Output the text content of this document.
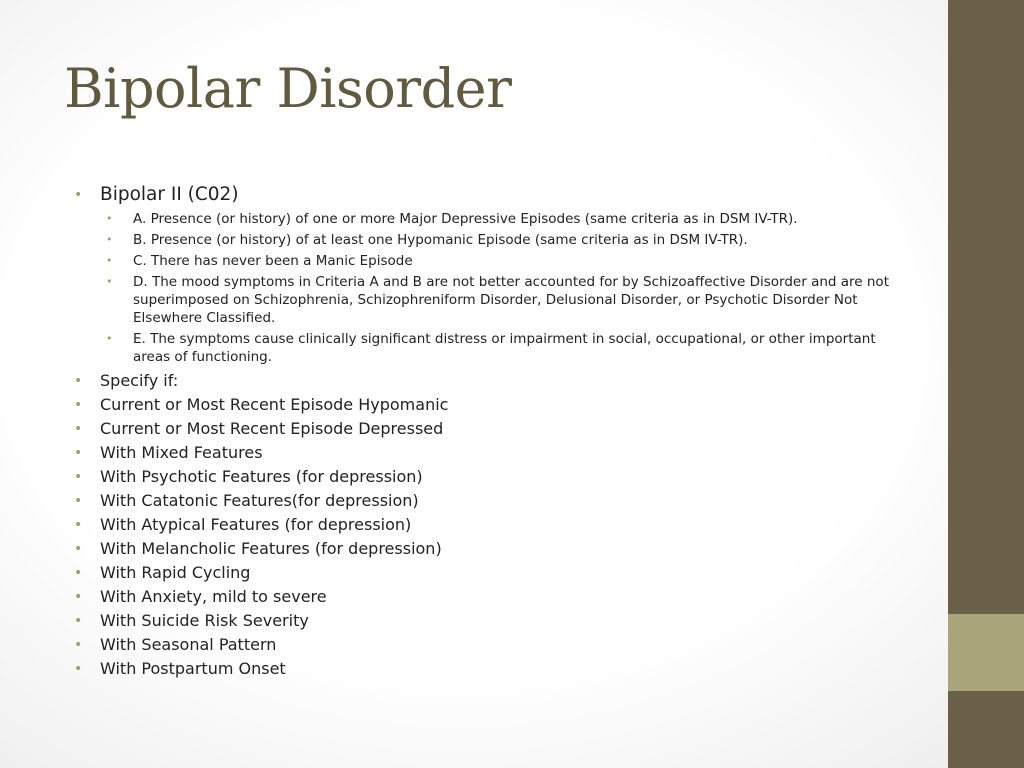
Bipolar Disorder
• Bipolar II (C02)
• A. Presence (or history) of one or more Major Depressive Episodes (same criteria as in DSM IV-TR).
• B. Presence (or history) of at least one Hypomanic Episode (same criteria as in DSM IV-TR).
• C. There has never been a Manic Episode
• D. The mood symptoms in Criteria A and B are not better accounted for by Schizoaffective Disorder and are not superimposed on Schizophrenia, Schizophreniform Disorder, Delusional Disorder, or Psychotic Disorder Not Elsewhere Classified.
• E. The symptoms cause clinically significant distress or impairment in social, occupational, or other important areas of functioning.
• Specify if:
• Current or Most Recent Episode Hypomanic
• Current or Most Recent Episode Depressed
• With Mixed Features
• With Psychotic Features (for depression)
• With Catatonic Features(for depression)
• With Atypical Features (for depression)
• With Melancholic Features (for depression)
• With Rapid Cycling
• With Anxiety, mild to severe
• With Suicide Risk Severity
• With Seasonal Pattern
• With Postpartum Onset
